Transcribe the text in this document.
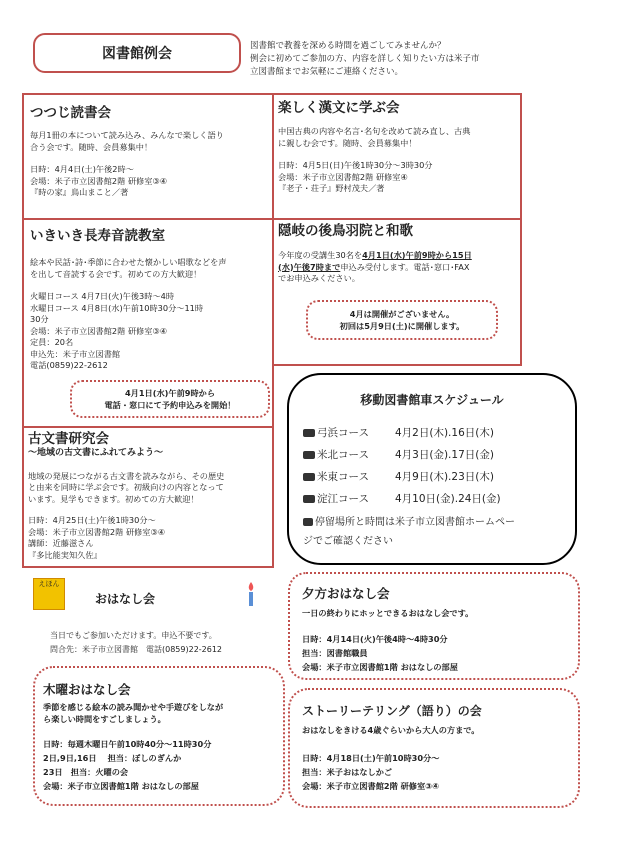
図書館例会	図書館で教養を深める時間を過ごしてみませんか？
例会に初めてご参加の方、内容を詳しく知りたい方は米子市
立図書館までお気軽にご連絡ください。
つつじ読書会
毎月1冊の本について読み込み、みんなで楽しく語り
合う会です。随時、会員募集中！
日時：4月4日(土)午後2時～
会場：米子市立図書館2階 研修室③④
『時の家』鳥山まこと／著
いきいき長寿音読教室
絵本や民話･詩･季節に合わせた懐かしい唱歌などを声
を出して音読する会です。初めての方大歓迎！
火曜日コース 4月7日(火)午後3時～4時
水曜日コース 4月8日(水)午前10時30分～11時
30分
会場：米子市立図書館2階 研修室③④
定員：20名
申込先：米子市立図書館
電話(0859)22-2612
4月1日(水)午前9時から
電話・窓口にて予約申込みを開始！
古文書研究会
～地域の古文書にふれてみよう～
地域の発展につながる古文書を読みながら、その歴史
と由来を同時に学ぶ会です。初級向けの内容となって
います。見学もできます。初めての方大歓迎！
日時：4月25日(土)午後1時30分～
会場：米子市立図書館2階 研修室③④
講師：近藤滋さん
『多比能実知久佐』
楽しく漢文に学ぶ会
中国古典の内容や名言･名句を改めて読み直し、古典
に親しむ会です。随時、会員募集中！
日時：4月5日(日)午後1時30分～3時30分
会場：米子市立図書館2階 研修室④
『老子・荘子』野村茂夫／著
隠岐の後鳥羽院と和歌
今年度の受講生30名を4月1日(水)午前9時から15日
(水)午後7時まで申込み受付します。電話･窓口･FAX
でお申込みください。
4月は開催がございません。
初回は5月9日(土)に開催します。
移動図書館車スケジュール
弓浜コース	4月2日(木).16日(木)
米北コース	4月3日(金).17日(金)
米東コース	4月9日(木).23日(木)
淀江コース	4月10日(金).24日(金)
停留場所と時間は米子市立図書館ホームペー
ジでご確認ください
えほん
おはなし会
当日でもご参加いただけます。申込不要です。
問合先：米子市立図書館　電話(0859)22-2612
夕方おはなし会
一日の終わりにホッとできるおはなし会です。
日時：4月14日(火)午後4時～4時30分
担当：図書館職員
会場：米子市立図書館1階 おはなしの部屋
木曜おはなし会
季節を感じる絵本の読み聞かせや手遊びをしなが
ら楽しい時間をすごしましょう。
日時：毎週木曜日午前10時40分～11時30分
2日,9日,16日　 担当：ぼしのぎんか
23日　担当：火曜の会
会場：米子市立図書館1階 おはなしの部屋
ストーリーテリング（語り）の会
おはなしをきける4歳ぐらいから大人の方まで。
日時：4月18日(土)午前10時30分～
担当：米子おはなしかご
会場：米子市立図書館2階 研修室③④
